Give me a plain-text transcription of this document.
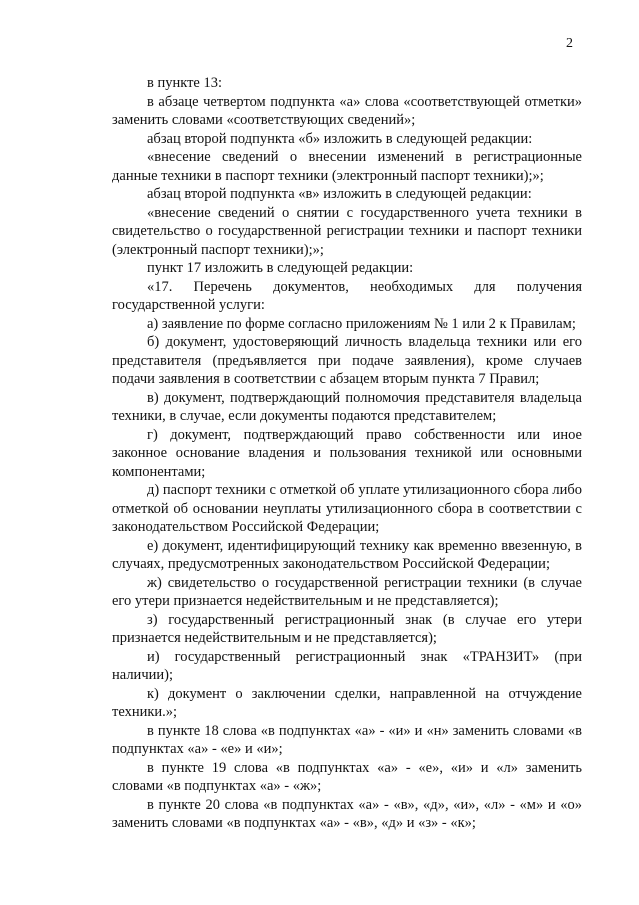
2

в пункте 13:

в абзаце четвертом подпункта «а» слова «соответствующей отметки» заменить словами «соответствующих сведений»;

абзац второй подпункта «б» изложить в следующей редакции:

«внесение сведений о внесении изменений в регистрационные данные техники в паспорт техники (электронный паспорт техники);»;

абзац второй подпункта «в» изложить в следующей редакции:

«внесение сведений о снятии с государственного учета техники в свидетельство о государственной регистрации техники и паспорт техники (электронный паспорт техники);»;

пункт 17 изложить в следующей редакции:

«17. Перечень документов, необходимых для получения государственной услуги:

а) заявление по форме согласно приложениям № 1 или 2 к Правилам;

б) документ, удостоверяющий личность владельца техники или его представителя (предъявляется при подаче заявления), кроме случаев подачи заявления в соответствии с абзацем вторым пункта 7 Правил;

в) документ, подтверждающий полномочия представителя владельца техники, в случае, если документы подаются представителем;

г) документ, подтверждающий право собственности или иное законное основание владения и пользования техникой или основными компонентами;

д) паспорт техники с отметкой об уплате утилизационного сбора либо отметкой об основании неуплаты утилизационного сбора в соответствии с законодательством Российской Федерации;

е) документ, идентифицирующий технику как временно ввезенную, в случаях, предусмотренных законодательством Российской Федерации;

ж) свидетельство о государственной регистрации техники (в случае его утери признается недействительным и не представляется);

з) государственный регистрационный знак (в случае его утери признается недействительным и не представляется);

и) государственный регистрационный знак «ТРАНЗИТ» (при наличии);

к) документ о заключении сделки, направленной на отчуждение техники.»;

в пункте 18 слова «в подпунктах «а» - «и» и «н» заменить словами «в подпунктах «а» - «е» и «и»;

в пункте 19 слова «в подпунктах «а» - «е», «и» и «л» заменить словами «в подпунктах «а» - «ж»;

в пункте 20 слова «в подпунктах «а» - «в», «д», «и», «л» - «м» и «о» заменить словами «в подпунктах «а» - «в», «д» и «з» - «к»;
